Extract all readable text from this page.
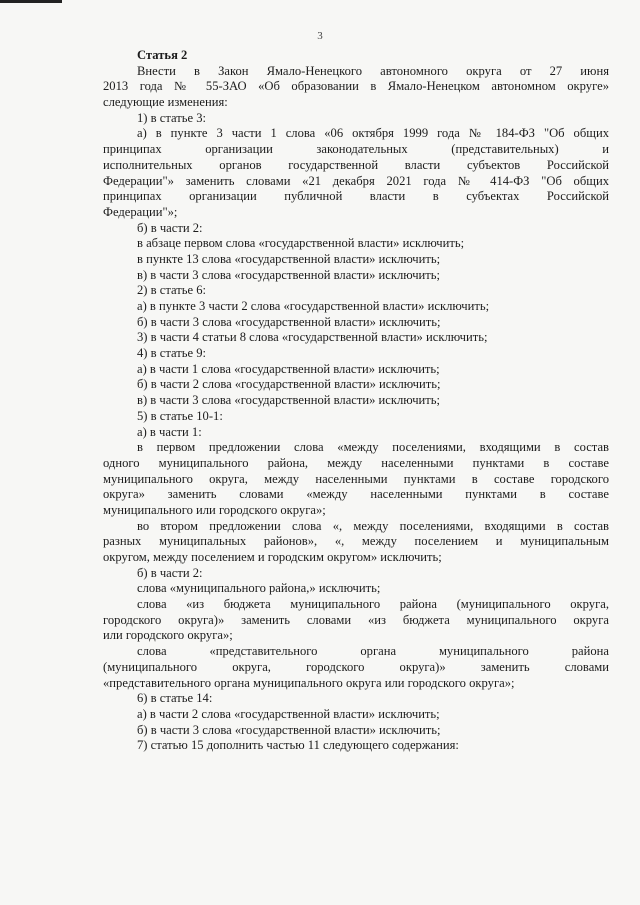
3
Статья 2
Внести в Закон Ямало-Ненецкого автономного округа от 27 июня
2013 года № 55-ЗАО «Об образовании в Ямало-Ненецком автономном округе»
следующие изменения:
1) в статье 3:
а) в пункте 3 части 1 слова «06 октября 1999 года № 184-ФЗ "Об общих
принципах организации законодательных (представительных) и
исполнительных органов государственной власти субъектов Российской
Федерации"» заменить словами «21 декабря 2021 года № 414-ФЗ "Об общих
принципах организации публичной власти в субъектах Российской
Федерации"»;
б) в части 2:
в абзаце первом слова «государственной власти» исключить;
в пункте 13 слова «государственной власти» исключить;
в) в части 3 слова «государственной власти» исключить;
2) в статье 6:
а) в пункте 3 части 2 слова «государственной власти» исключить;
б) в части 3 слова «государственной власти» исключить;
3) в части 4 статьи 8 слова «государственной власти» исключить;
4) в статье 9:
а) в части 1 слова «государственной власти» исключить;
б) в части 2 слова «государственной власти» исключить;
в) в части 3 слова «государственной власти» исключить;
5) в статье 10-1:
а) в части 1:
в первом предложении слова «между поселениями, входящими в состав
одного муниципального района, между населенными пунктами в составе
муниципального округа, между населенными пунктами в составе городского
округа» заменить словами «между населенными пунктами в составе
муниципального или городского округа»;
во втором предложении слова «, между поселениями, входящими в состав
разных муниципальных районов», «, между поселением и муниципальным
округом, между поселением и городским округом» исключить;
б) в части 2:
слова «муниципального района,» исключить;
слова «из бюджета муниципального района (муниципального округа,
городского округа)» заменить словами «из бюджета муниципального округа
или городского округа»;
слова «представительного органа муниципального района
(муниципального округа, городского округа)» заменить словами
«представительного органа муниципального округа или городского округа»;
6) в статье 14:
а) в части 2 слова «государственной власти» исключить;
б) в части 3 слова «государственной власти» исключить;
7) статью 15 дополнить частью 11 следующего содержания:
